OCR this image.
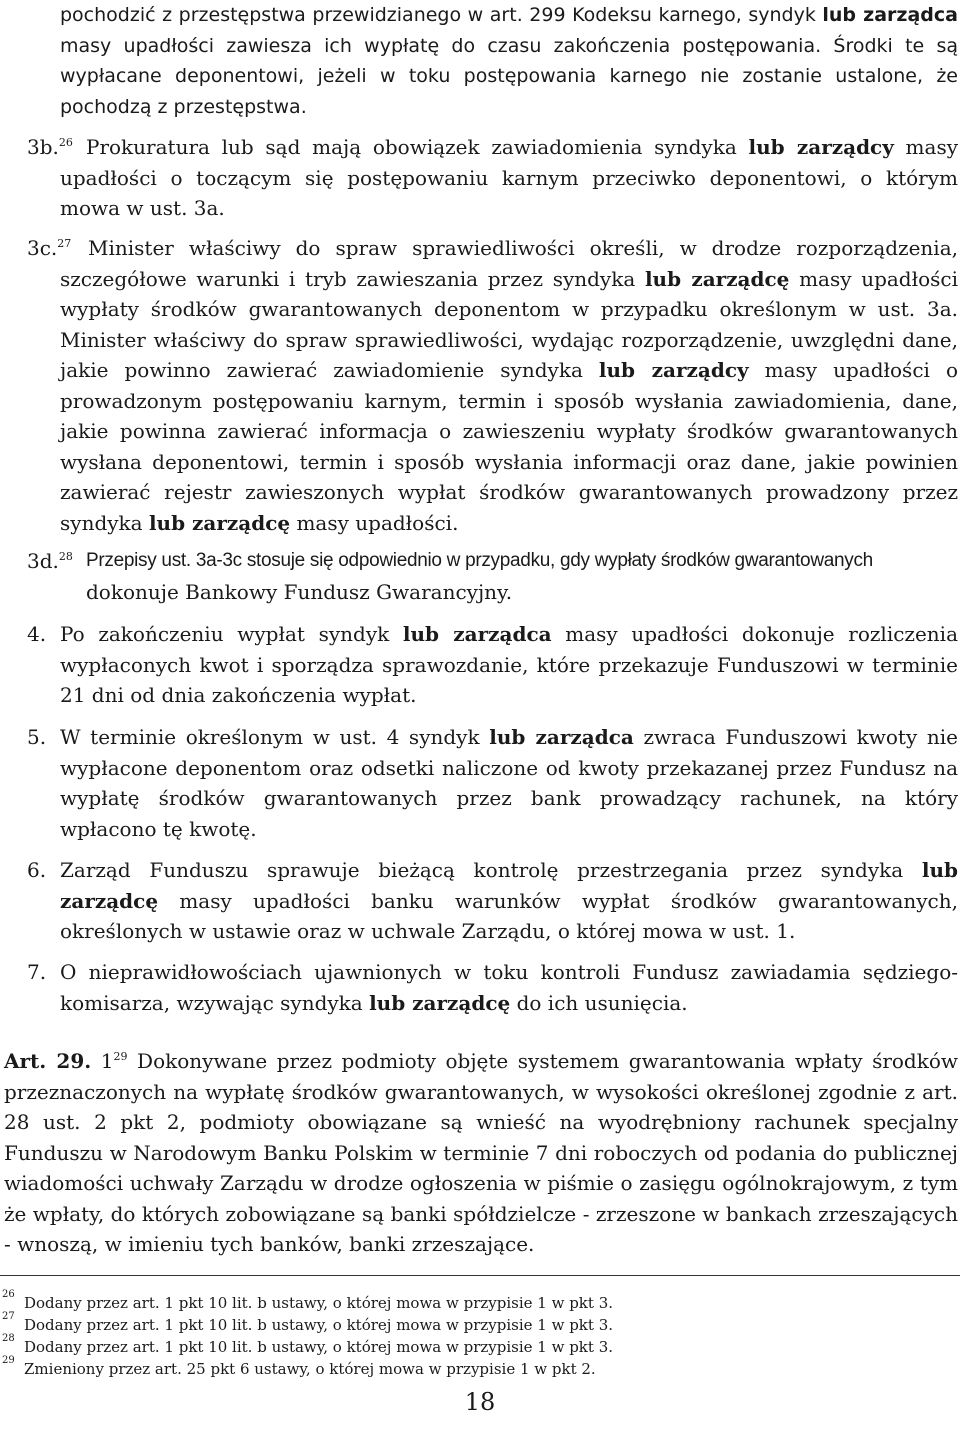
pochodzić z przestępstwa przewidzianego w art. 299 Kodeksu karnego, syndyk lub zarządca masy upadłości zawiesza ich wypłatę do czasu zakończenia postępowania. Środki te są wypłacane deponentowi, jeżeli w toku postępowania karnego nie zostanie ustalone, że pochodzą z przestępstwa.
3b.$^{26}$ Prokuratura lub sąd mają obowiązek zawiadomienia syndyka lub zarządcy masy upadłości o toczącym się postępowaniu karnym przeciwko deponentowi, o którym mowa w ust. 3a.
3c.$^{27}$ Minister właściwy do spraw sprawiedliwości określi, w drodze rozporządzenia, szczegółowe warunki i tryb zawieszania przez syndyka lub zarządcę masy upadłości wypłaty środków gwarantowanych deponentom w przypadku określonym w ust. 3a. Minister właściwy do spraw sprawiedliwości, wydając rozporządzenie, uwzględni dane, jakie powinno zawierać zawiadomienie syndyka lub zarządcy masy upadłości o prowadzonym postępowaniu karnym, termin i sposób wysłania zawiadomienia, dane, jakie powinna zawierać informacja o zawieszeniu wypłaty środków gwarantowanych wysłana deponentowi, termin i sposób wysłania informacji oraz dane, jakie powinien zawierać rejestr zawieszonych wypłat środków gwarantowanych prowadzony przez syndyka lub zarządcę masy upadłości.
3d.$^{28}$ Przepisy ust. 3a-3c stosuje się odpowiednio w przypadku, gdy wypłaty środków gwarantowanych
dokonuje Bankowy Fundusz Gwarancyjny.
4. Po zakończeniu wypłat syndyk lub zarządca masy upadłości dokonuje rozliczenia wypłaconych kwot i sporządza sprawozdanie, które przekazuje Funduszowi w terminie 21 dni od dnia zakończenia wypłat.
5. W terminie określonym w ust. 4 syndyk lub zarządca zwraca Funduszowi kwoty nie wypłacone deponentom oraz odsetki naliczone od kwoty przekazanej przez Fundusz na wypłatę środków gwarantowanych przez bank prowadzący rachunek, na który wpłacono tę kwotę.
6. Zarząd Funduszu sprawuje bieżącą kontrolę przestrzegania przez syndyka lub zarządcę masy upadłości banku warunków wypłat środków gwarantowanych, określonych w ustawie oraz w uchwale Zarządu, o której mowa w ust. 1.
7. O nieprawidłowościach ujawnionych w toku kontroli Fundusz zawiadamia sędziego-komisarza, wzywając syndyka lub zarządcę do ich usunięcia.
Art. 29. $1^{29}$ Dokonywane przez podmioty objęte systemem gwarantowania wpłaty środków przeznaczonych na wypłatę środków gwarantowanych, w wysokości określonej zgodnie z art. 28 ust. 2 pkt 2, podmioty obowiązane są wnieść na wyodrębniony rachunek specjalny Funduszu w Narodowym Banku Polskim w terminie 7 dni roboczych od podania do publicznej wiadomości uchwały Zarządu w drodze ogłoszenia w piśmie o zasięgu ogólnokrajowym, z tym że wpłaty, do których zobowiązane są banki spółdzielcze - zrzeszone w bankach zrzeszających - wnoszą, w imieniu tych banków, banki zrzeszające.
26 Dodany przez art. 1 pkt 10 lit. b ustawy, o której mowa w przypisie 1 w pkt 3.
27 Dodany przez art. 1 pkt 10 lit. b ustawy, o której mowa w przypisie 1 w pkt 3.
28 Dodany przez art. 1 pkt 10 lit. b ustawy, o której mowa w przypisie 1 w pkt 3.
29 Zmieniony przez art. 25 pkt 6 ustawy, o której mowa w przypisie 1 w pkt 2.
18
